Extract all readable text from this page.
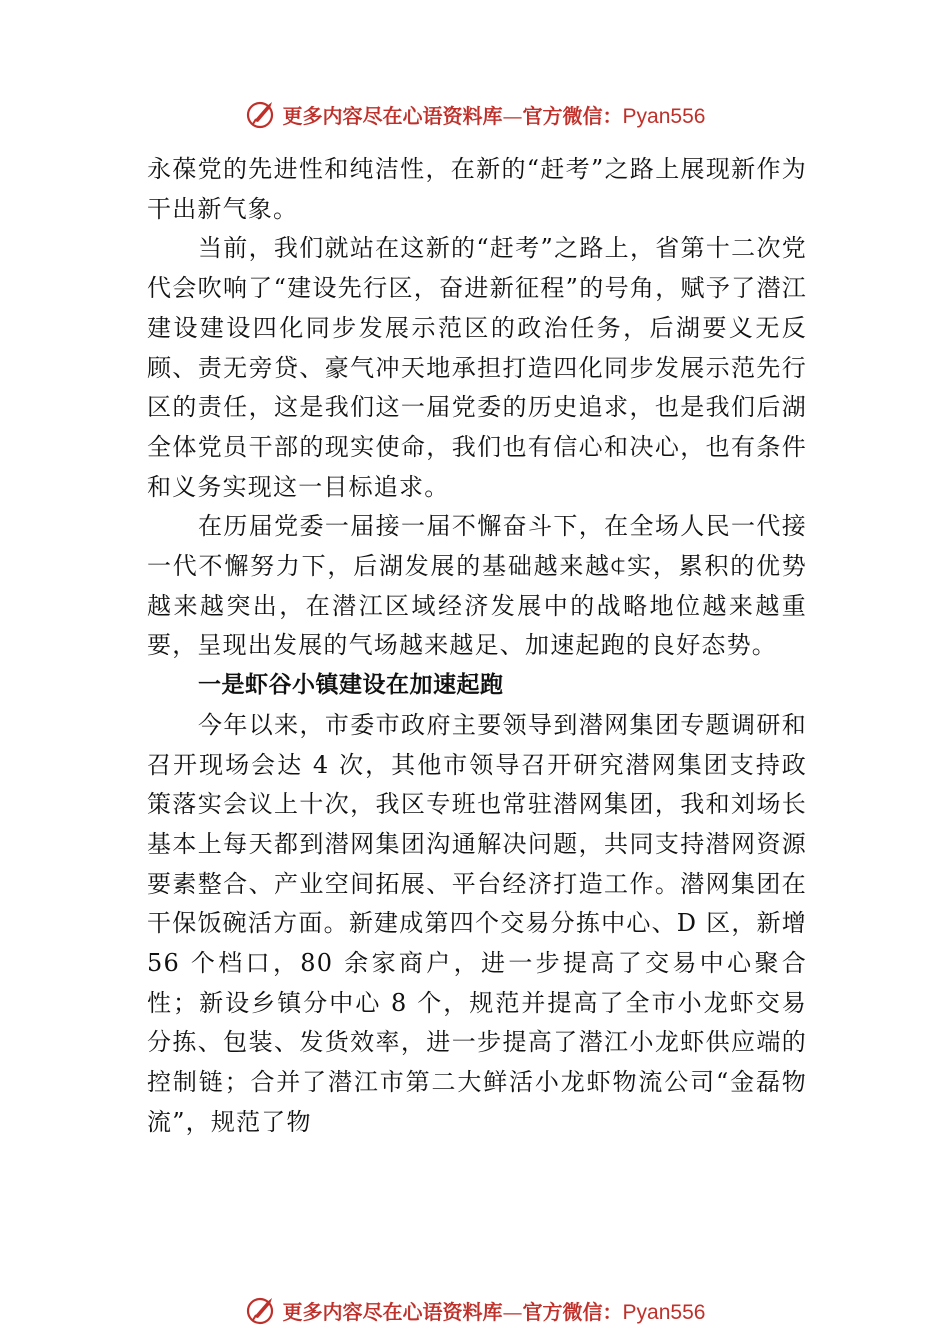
更多内容尽在心语资料库—官方微信：Pyan556

永葆党的先进性和纯洁性，在新的“赶考”之路上展现新作为干出新气象。

当前，我们就站在这新的“赶考”之路上，省第十二次党代会吹响了“建设先行区，奋进新征程”的号角，赋予了潜江建设建设四化同步发展示范区的政治任务，后湖要义无反顾、责无旁贷、豪气冲天地承担打造四化同步发展示范先行区的责任，这是我们这一届党委的历史追求，也是我们后湖全体党员干部的现实使命，我们也有信心和决心，也有条件和义务实现这一目标追求。

在历届党委一届接一届不懈奋斗下，在全场人民一代接一代不懈努力下，后湖发展的基础越来越⍧实，累积的优势越来越突出，在潜江区域经济发展中的战略地位越来越重要，呈现出发展的气场越来越足、加速起跑的良好态势。

一是虾谷小镇建设在加速起跑

今年以来，市委市政府主要领导到潜网集团专题调研和召开现场会达 4 次，其他市领导召开研究潜网集团支持政策落实会议上十次，我区专班也常驻潜网集团，我和刘场长基本上每天都到潜网集团沟通解决问题，共同支持潜网资源要素整合、产业空间拓展、平台经济打造工作。潜网集团在干保饭碗活方面。新建成第四个交易分拣中心、D 区，新增 56 个档口，80 余家商户，进一步提高了交易中心聚合性；新设乡镇分中心 8 个，规范并提高了全市小龙虾交易分拣、包装、发货效率，进一步提高了潜江小龙虾供应端的控制链；合并了潜江市第二大鲜活小龙虾物流公司“金磊物流”，规范了物

更多内容尽在心语资料库—官方微信：Pyan556
